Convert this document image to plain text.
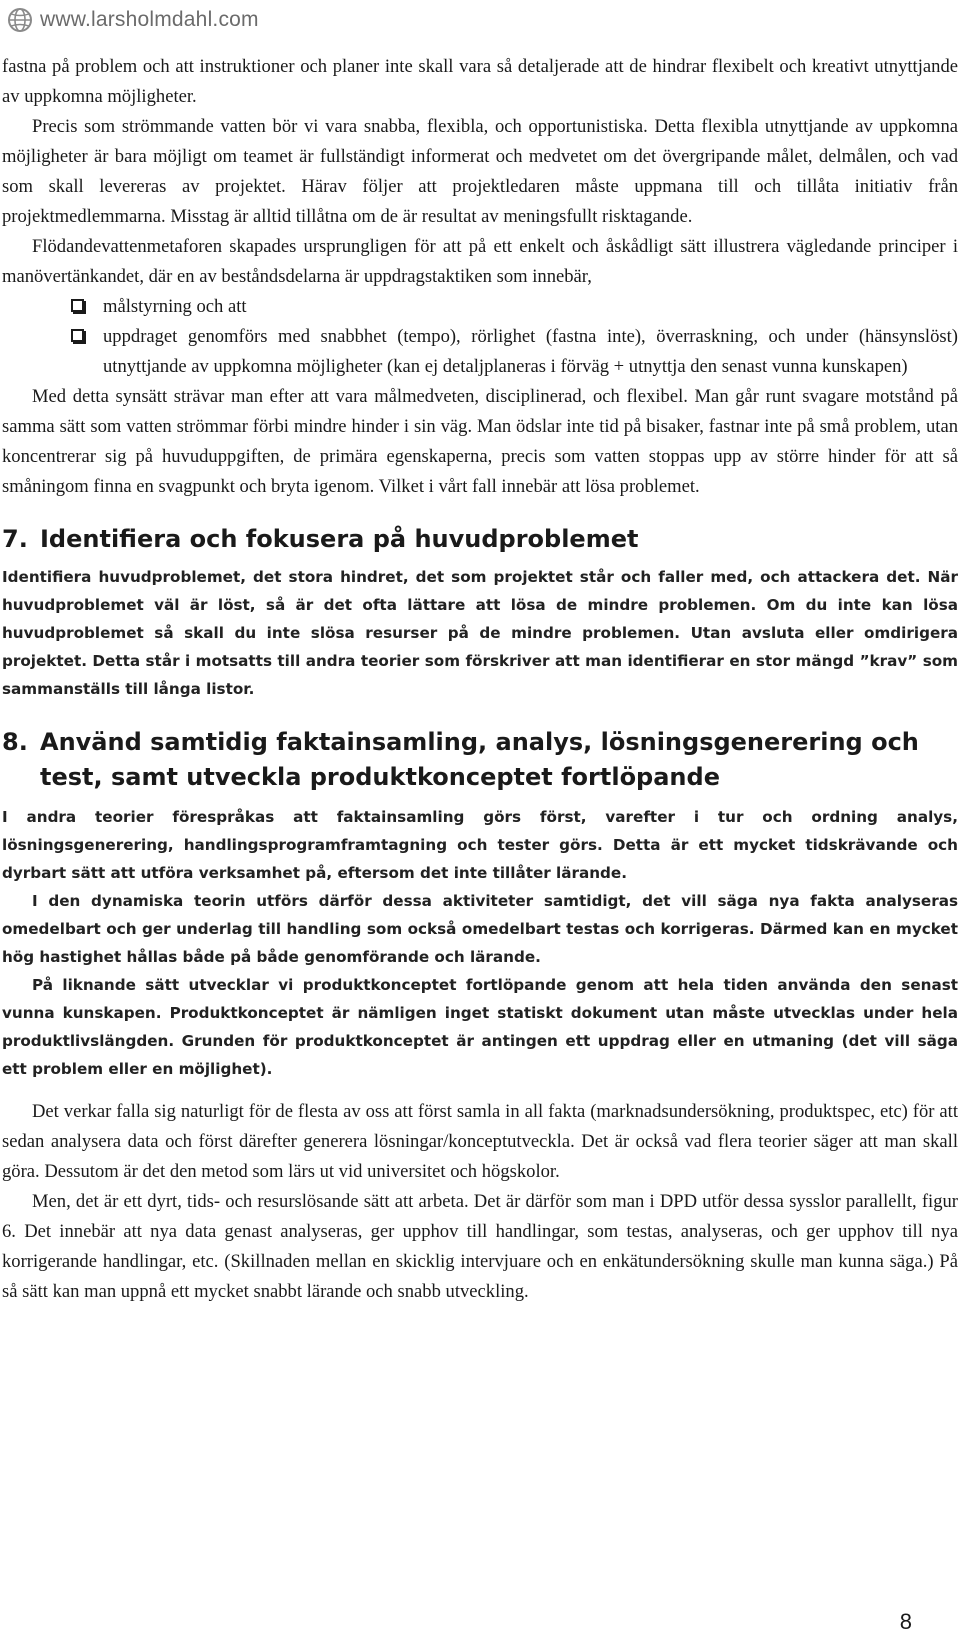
www.larsholmdahl.com

fastna på problem och att instruktioner och planer inte skall vara så detaljerade att de hindrar flexibelt och kreativt utnyttjande av uppkomna möjligheter.

Precis som strömmande vatten bör vi vara snabba, flexibla, och opportunistiska. Detta flexibla utnyttjande av uppkomna möjligheter är bara möjligt om teamet är fullständigt informerat och medvetet om det övergripande målet, delmålen, och vad som skall levereras av projektet. Härav följer att projektledaren måste uppmana till och tillåta initiativ från projektmedlemmarna. Misstag är alltid tillåtna om de är resultat av meningsfullt risktagande.

Flödandevattenmetaforen skapades ursprungligen för att på ett enkelt och åskådligt sätt illustrera vägledande principer i manövertänkandet, där en av beståndsdelarna är uppdragstaktiken som innebär,

målstyrning och att
uppdraget genomförs med snabbhet (tempo), rörlighet (fastna inte), överraskning, och under (hänsynslöst) utnyttjande av uppkomna möjligheter (kan ej detaljplaneras i förväg + utnyttja den senast vunna kunskapen)

Med detta synsätt strävar man efter att vara målmedveten, disciplinerad, och flexibel. Man går runt svagare motstånd på samma sätt som vatten strömmar förbi mindre hinder i sin väg. Man ödslar inte tid på bisaker, fastnar inte på små problem, utan koncentrerar sig på huvuduppgiften, de primära egenskaperna, precis som vatten stoppas upp av större hinder för att så småningom finna en svagpunkt och bryta igenom. Vilket i vårt fall innebär att lösa problemet.

7. Identifiera och fokusera på huvudproblemet

Identifiera huvudproblemet, det stora hindret, det som projektet står och faller med, och attackera det. När huvudproblemet väl är löst, så är det ofta lättare att lösa de mindre problemen. Om du inte kan lösa huvudproblemet så skall du inte slösa resurser på de mindre problemen. Utan avsluta eller omdirigera projektet. Detta står i motsatts till andra teorier som förskriver att man identifierar en stor mängd ”krav” som sammanställs till långa listor.

8. Använd samtidig faktainsamling, analys, lösningsgenerering och test, samt utveckla produktkonceptet fortlöpande

I andra teorier förespråkas att faktainsamling görs först, varefter i tur och ordning analys, lösningsgenerering, handlingsprogramframtagning och tester görs. Detta är ett mycket tidskrävande och dyrbart sätt att utföra verksamhet på, eftersom det inte tillåter lärande.

I den dynamiska teorin utförs därför dessa aktiviteter samtidigt, det vill säga nya fakta analyseras omedelbart och ger underlag till handling som också omedelbart testas och korrigeras. Därmed kan en mycket hög hastighet hållas både på både genomförande och lärande.

På liknande sätt utvecklar vi produktkonceptet fortlöpande genom att hela tiden använda den senast vunna kunskapen. Produktkonceptet är nämligen inget statiskt dokument utan måste utvecklas under hela produktlivslängden. Grunden för produktkonceptet är antingen ett uppdrag eller en utmaning (det vill säga ett problem eller en möjlighet).

Det verkar falla sig naturligt för de flesta av oss att först samla in all fakta (marknadsundersökning, produktspec, etc) för att sedan analysera data och först därefter generera lösningar/konceptutveckla. Det är också vad flera teorier säger att man skall göra. Dessutom är det den metod som lärs ut vid universitet och högskolor.

Men, det är ett dyrt, tids- och resurslösande sätt att arbeta. Det är därför som man i DPD utför dessa sysslor parallellt, figur 6. Det innebär att nya data genast analyseras, ger upphov till handlingar, som testas, analyseras, och ger upphov till nya korrigerande handlingar, etc. (Skillnaden mellan en skicklig intervjuare och en enkätundersökning skulle man kunna säga.) På så sätt kan man uppnå ett mycket snabbt lärande och snabb utveckling.

8
